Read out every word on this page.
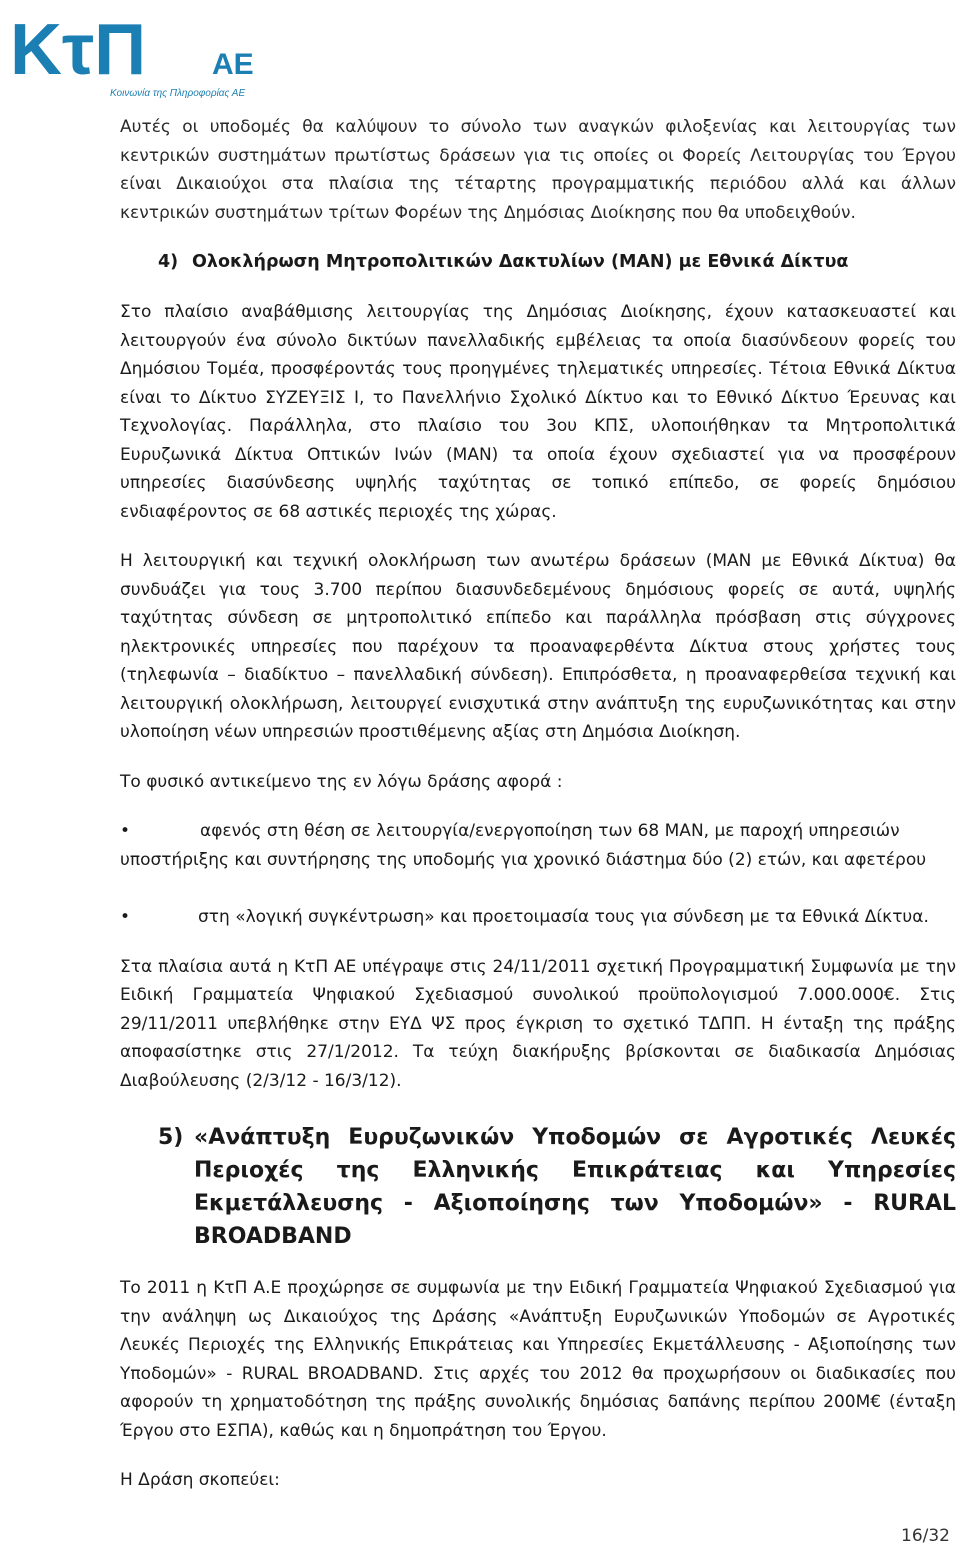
ΚτΠ ΑΕ
Κοινωνία της Πληροφορίας ΑΕ

Αυτές οι υποδομές θα καλύψουν το σύνολο των αναγκών φιλοξενίας και λειτουργίας των κεντρικών συστημάτων πρωτίστως δράσεων για τις οποίες οι Φορείς Λειτουργίας του Έργου είναι Δικαιούχοι στα πλαίσια της τέταρτης προγραμματικής περιόδου αλλά και άλλων κεντρικών συστημάτων τρίτων Φορέων της Δημόσιας Διοίκησης που θα υποδειχθούν.

4) Ολοκλήρωση Μητροπολιτικών Δακτυλίων (MAN) με Εθνικά Δίκτυα

Στο πλαίσιο αναβάθμισης λειτουργίας της Δημόσιας Διοίκησης, έχουν κατασκευαστεί και λειτουργούν ένα σύνολο δικτύων πανελλαδικής εμβέλειας τα οποία διασύνδεουν φορείς του Δημόσιου Τομέα, προσφέροντάς τους προηγμένες τηλεματικές υπηρεσίες. Τέτοια Εθνικά Δίκτυα είναι το Δίκτυο ΣΥΖΕΥΞΙΣ Ι, το Πανελλήνιο Σχολικό Δίκτυο και το Εθνικό Δίκτυο Έρευνας και Τεχνολογίας. Παράλληλα, στο πλαίσιο του 3ου ΚΠΣ, υλοποιήθηκαν τα Μητροπολιτικά Ευρυζωνικά Δίκτυα Οπτικών Ινών (MAN) τα οποία έχουν σχεδιαστεί για να προσφέρουν υπηρεσίες διασύνδεσης υψηλής ταχύτητας σε τοπικό επίπεδο, σε φορείς δημόσιου ενδιαφέροντος σε 68 αστικές περιοχές της χώρας.

Η λειτουργική και τεχνική ολοκλήρωση των ανωτέρω δράσεων (MAN με Εθνικά Δίκτυα) θα συνδυάζει για τους 3.700 περίπου διασυνδεδεμένους δημόσιους φορείς σε αυτά, υψηλής ταχύτητας σύνδεση σε μητροπολιτικό επίπεδο και παράλληλα πρόσβαση στις σύγχρονες ηλεκτρονικές υπηρεσίες που παρέχουν τα προαναφερθέντα Δίκτυα στους χρήστες τους (τηλεφωνία – διαδίκτυο – πανελλαδική σύνδεση). Επιπρόσθετα, η προαναφερθείσα τεχνική και λειτουργική ολοκλήρωση, λειτουργεί ενισχυτικά στην ανάπτυξη της ευρυζωνικότητας και στην υλοποίηση νέων υπηρεσιών προστιθέμενης αξίας στη Δημόσια Διοίκηση.

Το φυσικό αντικείμενο της εν λόγω δράσης αφορά :

•	αφενός στη θέση σε λειτουργία/ενεργοποίηση των 68 MAN, με παροχή υπηρεσιών

υποστήριξης και συντήρησης της υποδομής για χρονικό διάστημα δύο (2) ετών, και αφετέρου

•	στη «λογική συγκέντρωση» και προετοιμασία τους για σύνδεση με τα Εθνικά Δίκτυα.

Στα πλαίσια αυτά η ΚτΠ ΑΕ υπέγραψε στις 24/11/2011 σχετική Προγραμματική Συμφωνία με την Ειδική Γραμματεία Ψηφιακού Σχεδιασμού συνολικού προϋπολογισμού 7.000.000€. Στις 29/11/2011 υπεβλήθηκε στην ΕΥΔ ΨΣ προς έγκριση το σχετικό ΤΔΠΠ. Η ένταξη της πράξης αποφασίστηκε στις 27/1/2012. Τα τεύχη διακήρυξης βρίσκονται σε διαδικασία Δημόσιας Διαβούλευσης (2/3/12 - 16/3/12).

5) «Ανάπτυξη Ευρυζωνικών Υποδομών σε Αγροτικές Λευκές Περιοχές της Ελληνικής Επικράτειας και Υπηρεσίες Εκμετάλλευσης - Αξιοποίησης των Υποδομών» - RURAL BROADBAND

Το 2011 η ΚτΠ Α.Ε προχώρησε σε συμφωνία με την Ειδική Γραμματεία Ψηφιακού Σχεδιασμού για την ανάληψη ως Δικαιούχος της Δράσης «Ανάπτυξη Ευρυζωνικών Υποδομών σε Αγροτικές Λευκές Περιοχές της Ελληνικής Επικράτειας και Υπηρεσίες Εκμετάλλευσης - Αξιοποίησης των Υποδομών» - RURAL BROADBAND. Στις αρχές του 2012 θα προχωρήσουν οι διαδικασίες που αφορούν τη χρηματοδότηση της πράξης συνολικής δημόσιας δαπάνης περίπου 200Μ€ (ένταξη Έργου στο ΕΣΠΑ), καθώς και η δημοπράτηση του Έργου.

Η Δράση σκοπεύει:

16/32
